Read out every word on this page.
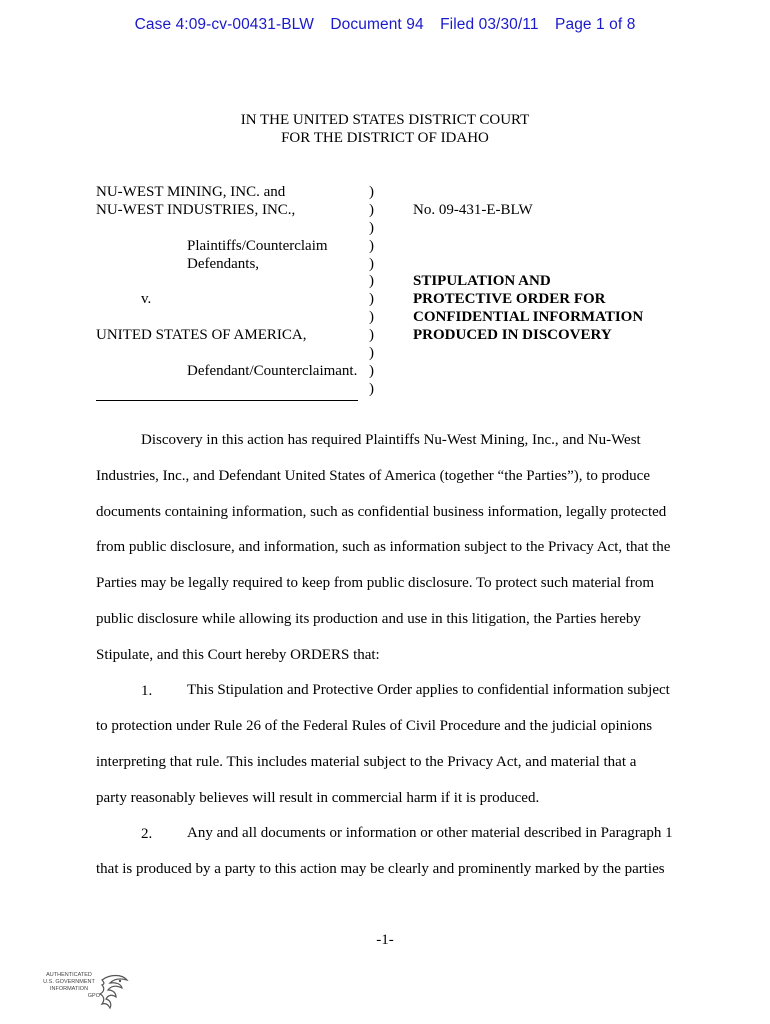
Case 4:09-cv-00431-BLW Document 94 Filed 03/30/11 Page 1 of 8
IN THE UNITED STATES DISTRICT COURT
FOR THE DISTRICT OF IDAHO
NU-WEST MINING, INC. and
NU-WEST INDUSTRIES, INC.,
Plaintiffs/Counterclaim
Defendants,
v.
UNITED STATES OF AMERICA,
Defendant/Counterclaimant.
)
)
)
)
)
)
)
)
)
)
)
)
No. 09-431-E-BLW
STIPULATION AND
PROTECTIVE ORDER FOR
CONFIDENTIAL INFORMATION
PRODUCED IN DISCOVERY
Discovery in this action has required Plaintiffs Nu-West Mining, Inc., and Nu-West
Industries, Inc., and Defendant United States of America (together “the Parties”), to produce
documents containing information, such as confidential business information, legally protected
from public disclosure, and information, such as information subject to the Privacy Act, that the
Parties may be legally required to keep from public disclosure. To protect such material from
public disclosure while allowing its production and use in this litigation, the Parties hereby
Stipulate, and this Court hereby ORDERS that:
1. This Stipulation and Protective Order applies to confidential information subject
to protection under Rule 26 of the Federal Rules of Civil Procedure and the judicial opinions
interpreting that rule. This includes material subject to the Privacy Act, and material that a
party reasonably believes will result in commercial harm if it is produced.
2. Any and all documents or information or other material described in Paragraph 1
that is produced by a party to this action may be clearly and prominently marked by the parties
-1-
AUTHENTICATED
U.S. GOVERNMENT
INFORMATION
GPO
